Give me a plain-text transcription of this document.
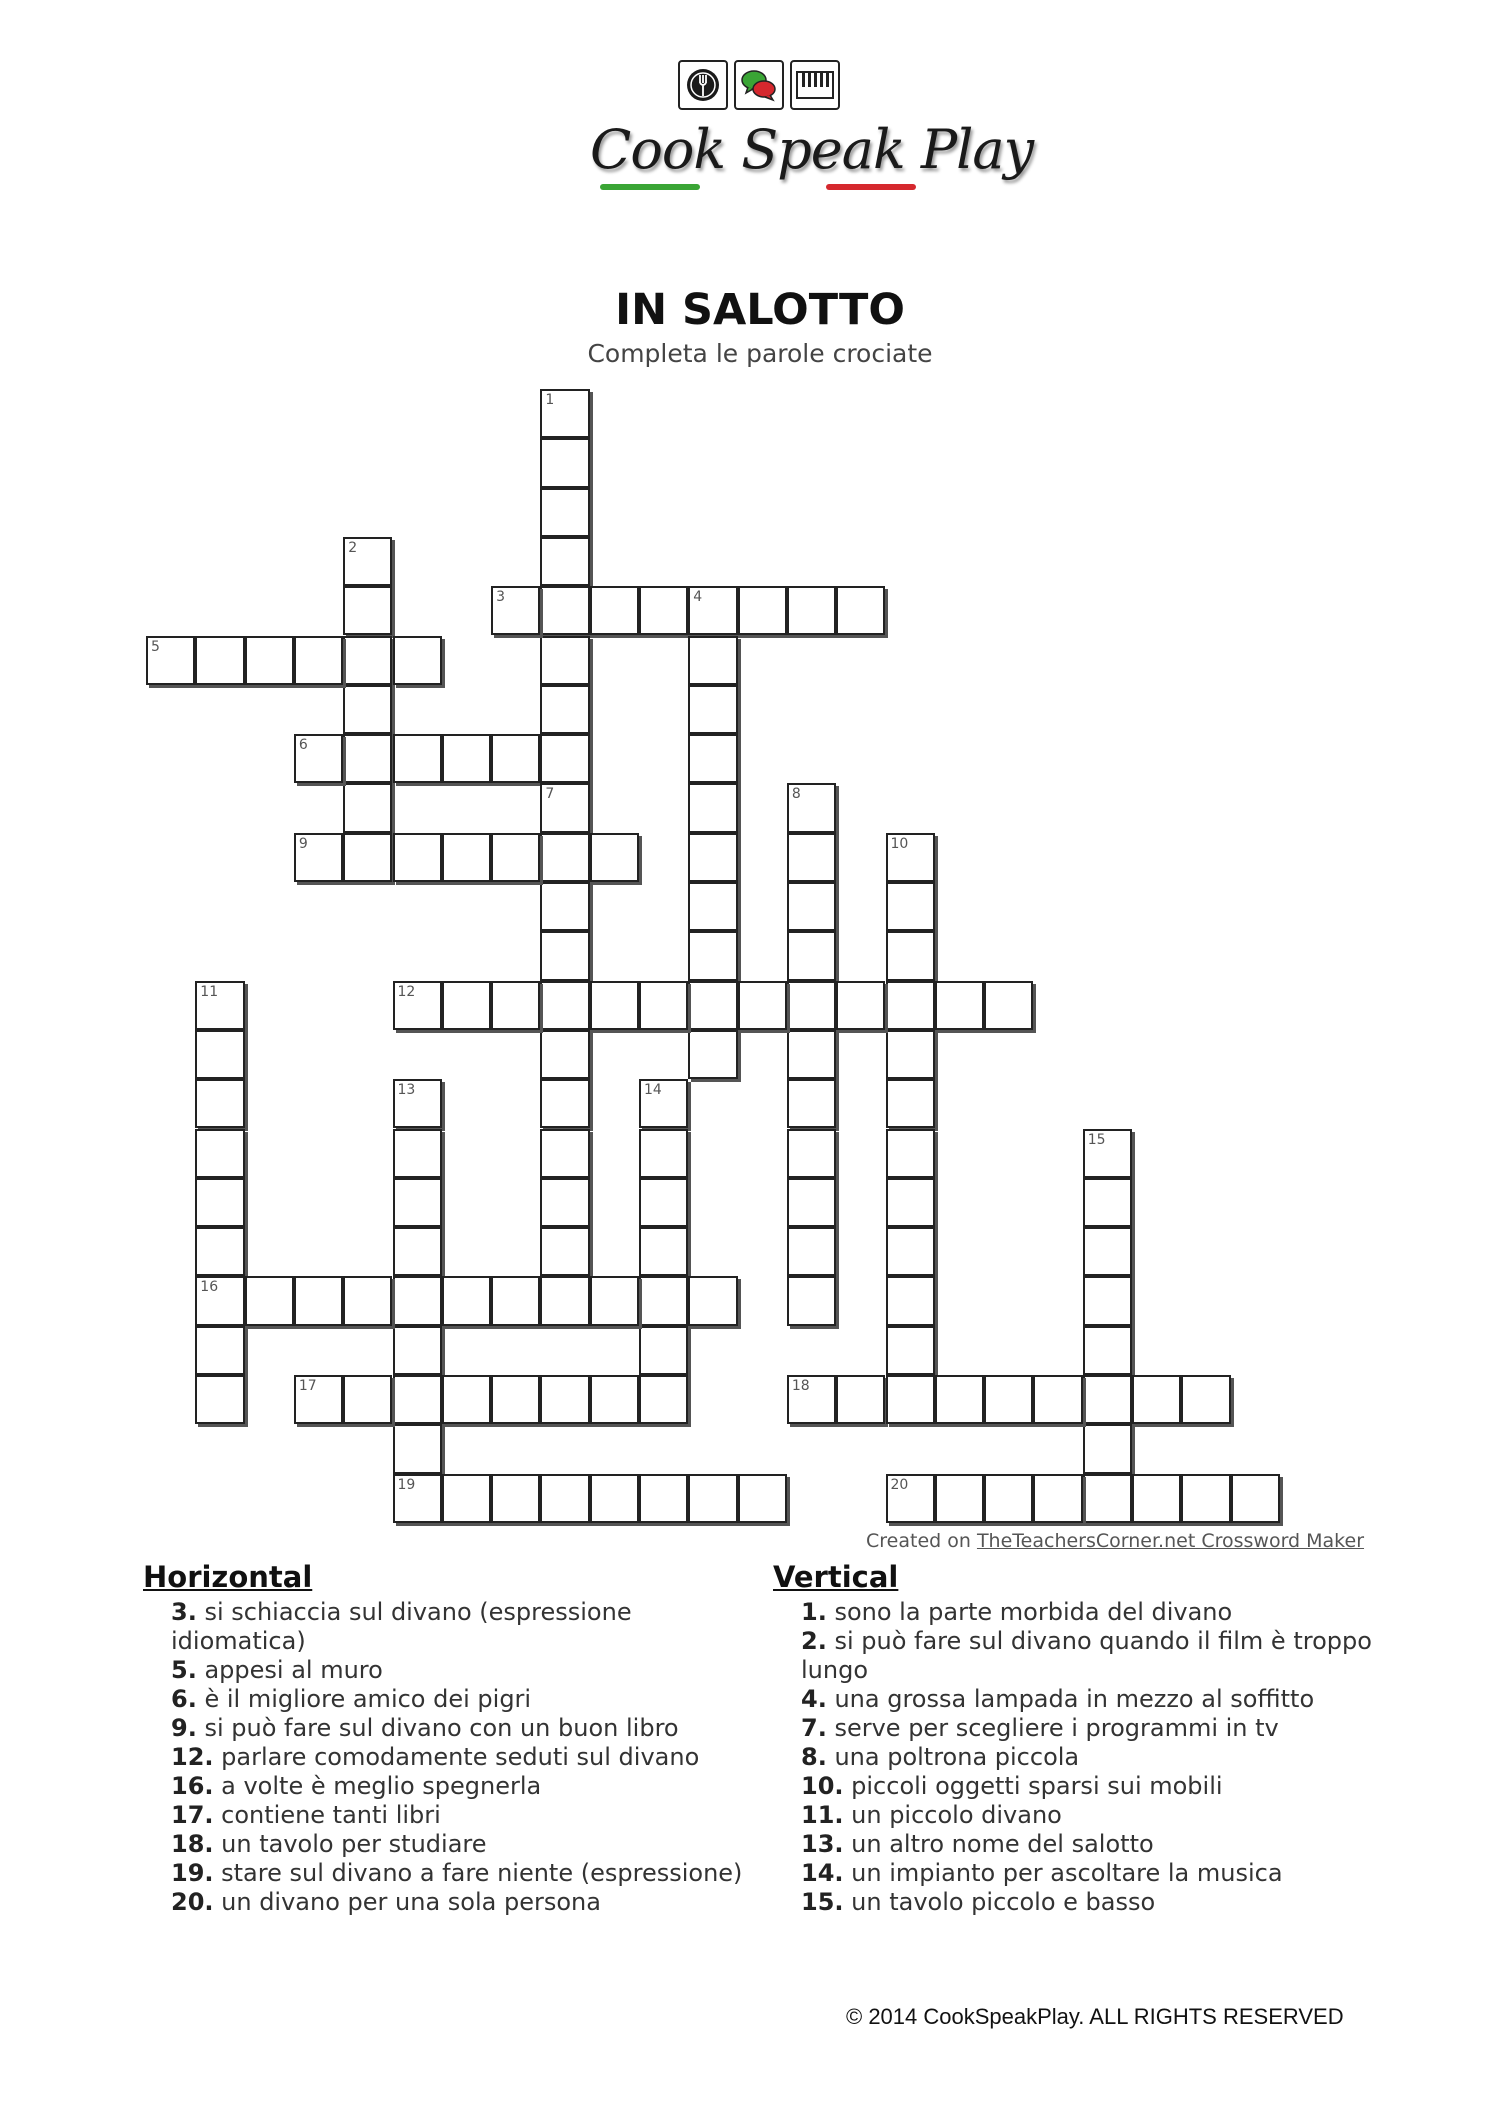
Cook Speak Play
IN SALOTTO
Completa le parole crociate
1
2
3	4
5
6
7	8
9	10
11
16
12
13	14
15
17	18
19	20
Created on TheTeachersCorner.net Crossword Maker
Horizontal
3. si schiaccia sul divano (espressione idiomatica)
5. appesi al muro
6. è il migliore amico dei pigri
9. si può fare sul divano con un buon libro
12. parlare comodamente seduti sul divano
16. a volte è meglio spegnerla
17. contiene tanti libri
18. un tavolo per studiare
19. stare sul divano a fare niente (espressione)
20. un divano per una sola persona
Vertical
1. sono la parte morbida del divano
2. si può fare sul divano quando il film è troppo lungo
4. una grossa lampada in mezzo al soffitto
7. serve per scegliere i programmi in tv
8. una poltrona piccola
10. piccoli oggetti sparsi sui mobili
11. un piccolo divano
13. un altro nome del salotto
14. un impianto per ascoltare la musica
15. un tavolo piccolo e basso
© 2014 CookSpeakPlay. ALL RIGHTS RESERVED
